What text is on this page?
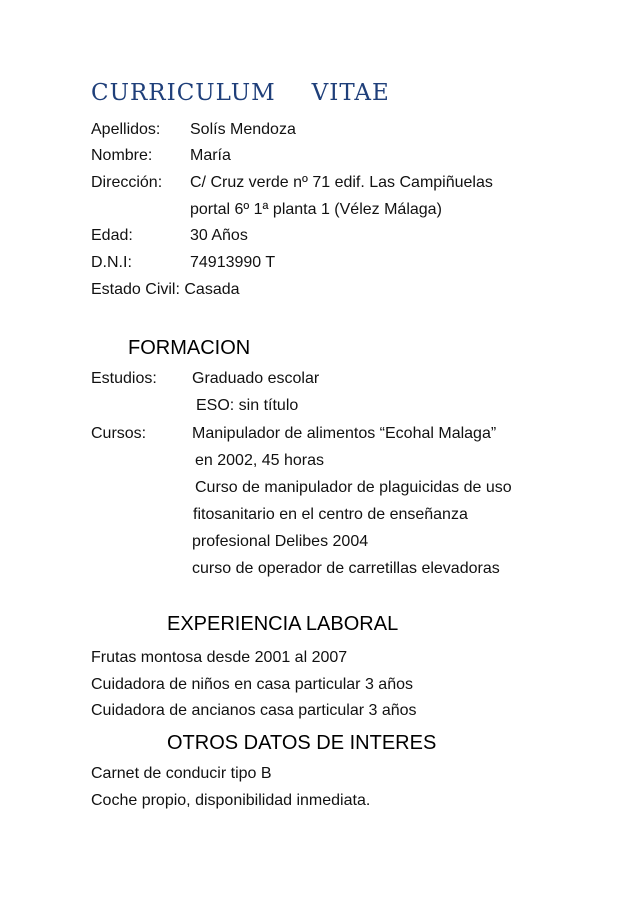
CURRICULUM VITAE
Apellidos: Solís Mendoza
Nombre: María
Dirección: C/ Cruz verde nº 71 edif. Las Campiñuelas
portal 6º 1ª planta 1 (Vélez Málaga)
Edad:	30 Años
D.N.I:	74913990 T
Estado Civil: Casada
FORMACION
Estudios: Graduado escolar
ESO: sin título
Cursos:	Manipulador de alimentos “Ecohal Malaga”
en 2002, 45 horas
Curso de manipulador de plaguicidas de uso
fitosanitario en el centro de enseñanza
profesional Delibes 2004
curso de operador de carretillas elevadoras
EXPERIENCIA LABORAL
Frutas montosa desde 2001 al 2007
Cuidadora de niños en casa particular 3 años
Cuidadora de ancianos casa particular 3 años
OTROS DATOS DE INTERES
Carnet de conducir tipo B
Coche propio, disponibilidad inmediata.
